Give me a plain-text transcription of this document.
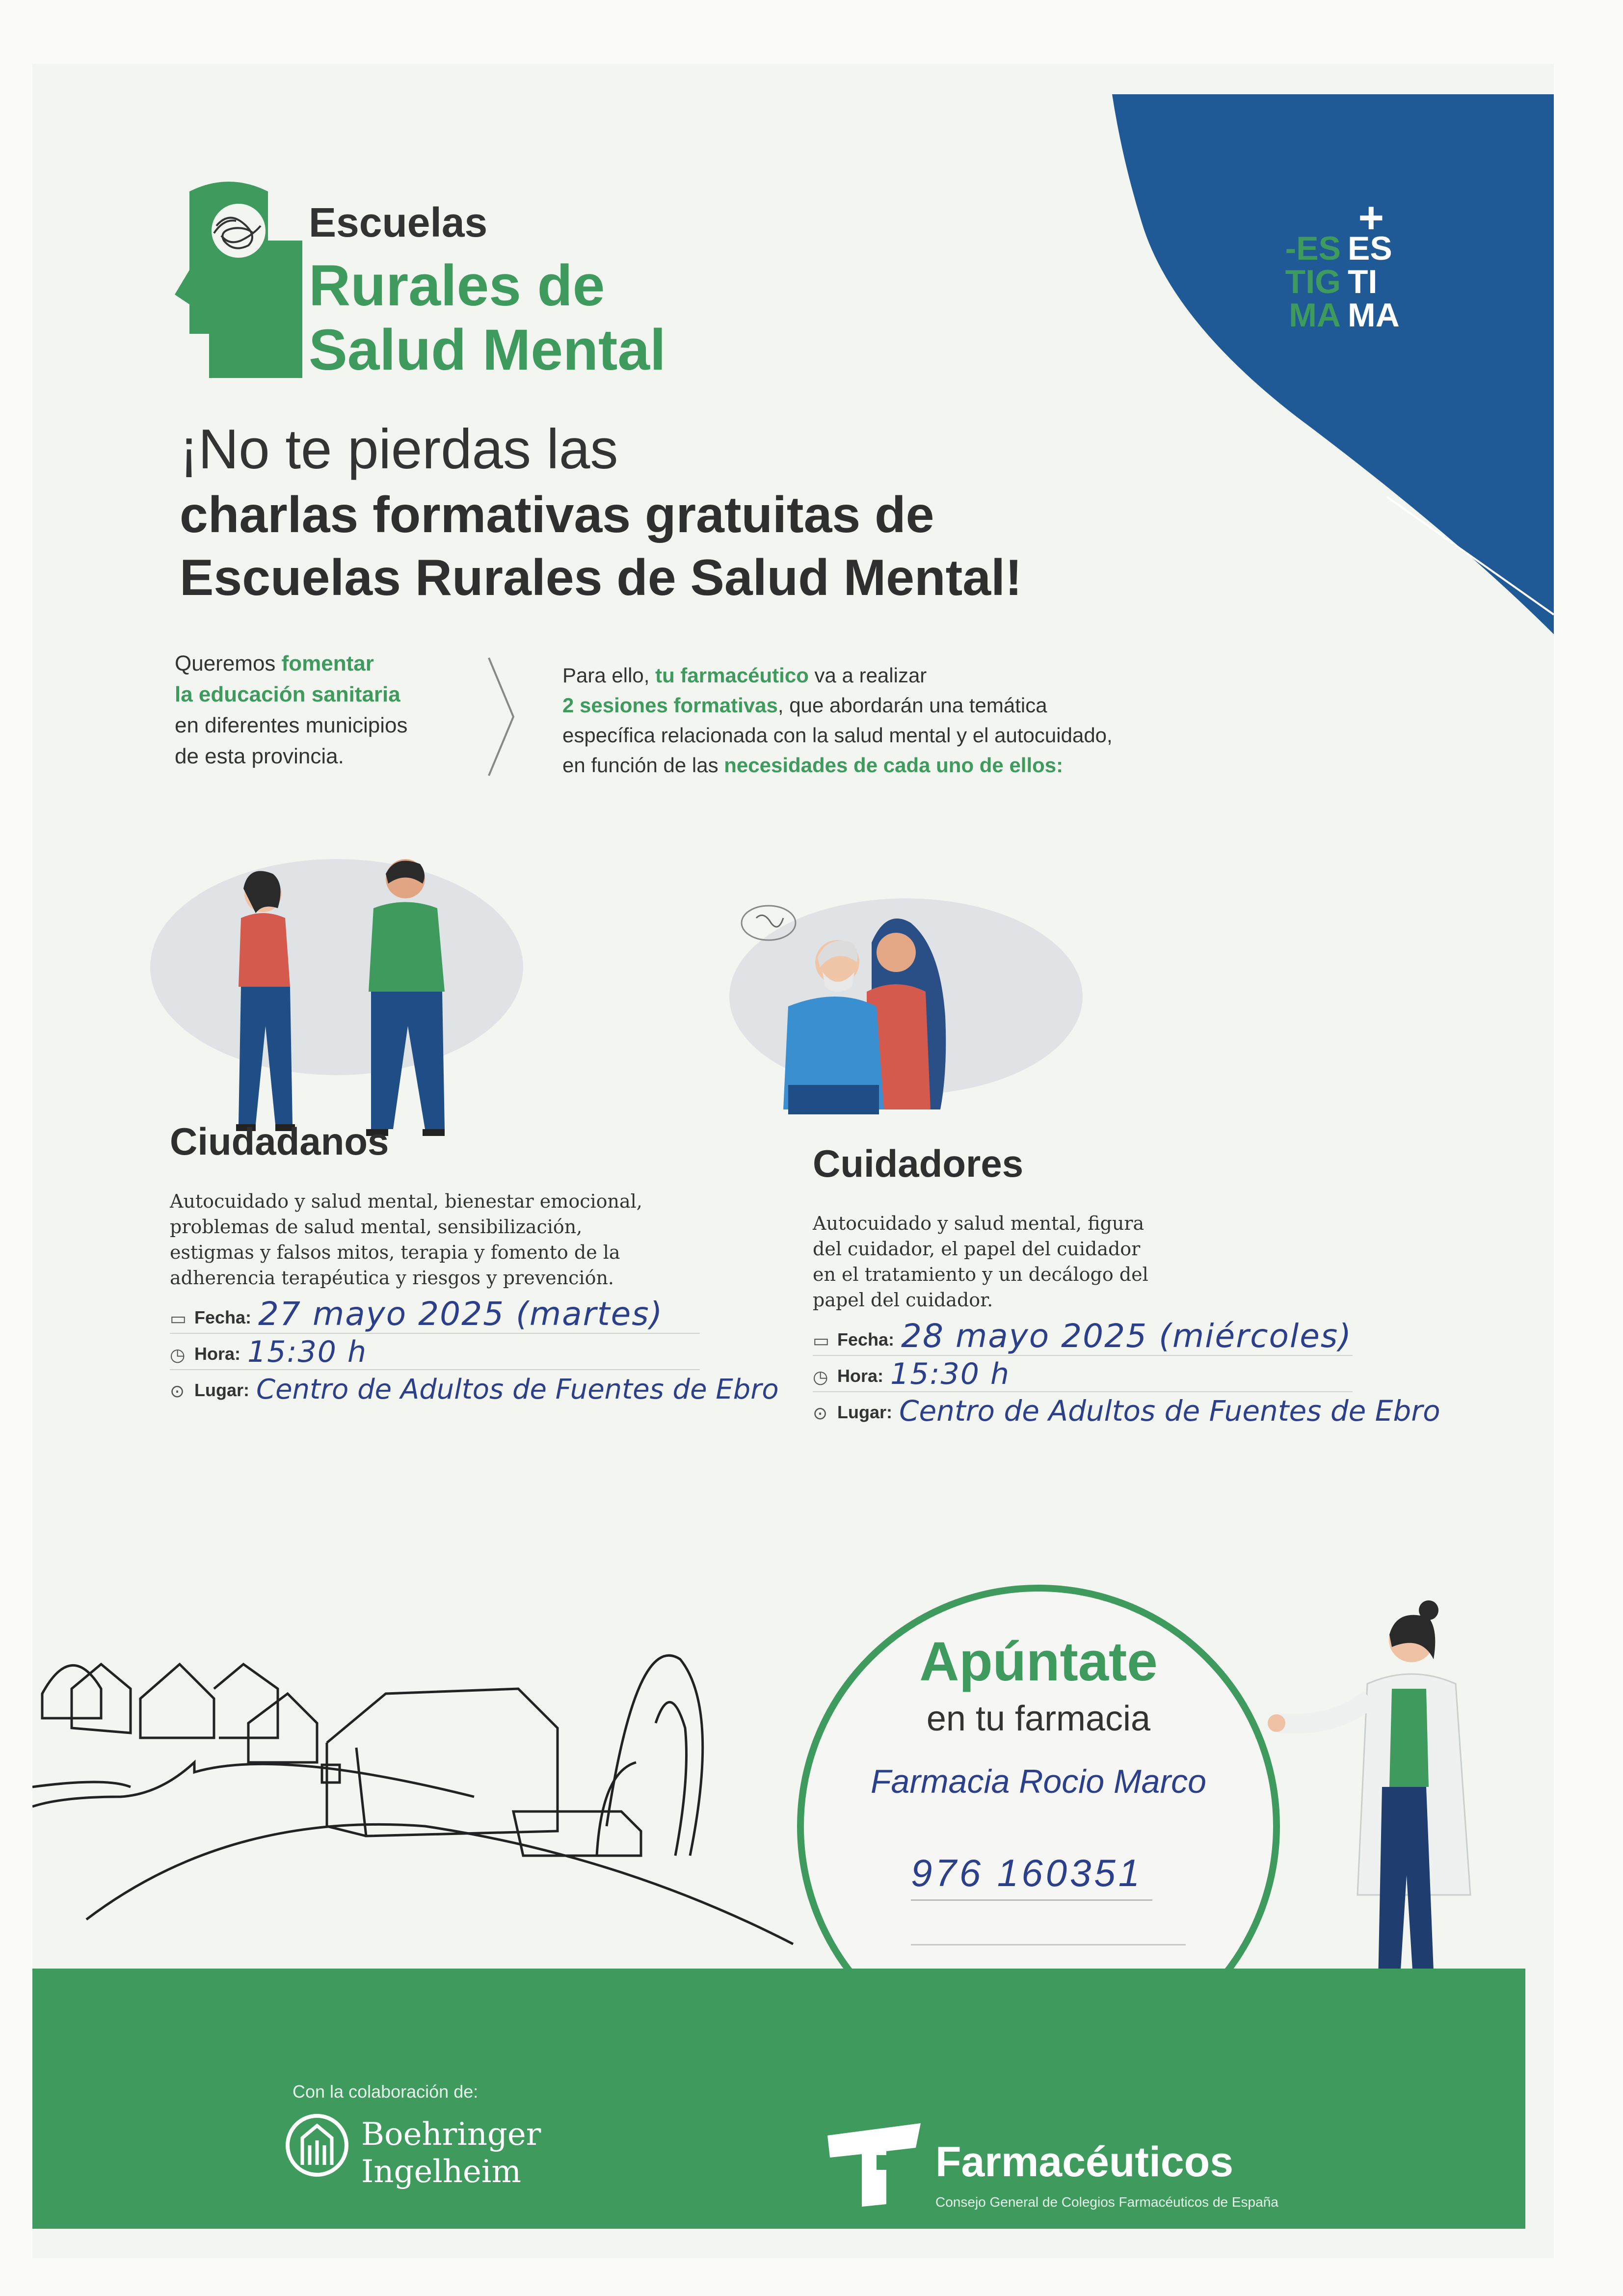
Escuelas
Rurales de
Salud Mental
+
-ES ES
TIG TI
MA MA
¡No te pierdas las
charlas formativas gratuitas de
Escuelas Rurales de Salud Mental!
Queremos fomentar
la educación sanitaria
en diferentes municipios
de esta provincia.
Para ello, tu farmacéutico va a realizar
2 sesiones formativas, que abordarán una temática
específica relacionada con la salud mental y el autocuidado,
en función de las necesidades de cada uno de ellos:
Ciudadanos
Autocuidado y salud mental, bienestar emocional, problemas de salud mental, sensibilización, estigmas y falsos mitos, terapia y fomento de la adherencia terapéutica y riesgos y prevención.
▭ Fecha: 27 mayo 2025 (martes)
◷ Hora: 15:30 h
⊙ Lugar: Centro de Adultos de Fuentes de Ebro
Cuidadores
Autocuidado y salud mental, figura del cuidador, el papel del cuidador en el tratamiento y un decálogo del papel del cuidador.
▭ Fecha: 28 mayo 2025 (miércoles)
◷ Hora: 15:30 h
⊙ Lugar: Centro de Adultos de Fuentes de Ebro
Apúntate
en tu farmacia
Farmacia Rocio Marco
976 160351
Con la colaboración de:
Boehringer
Ingelheim	Farmacéuticos
Consejo General de Colegios Farmacéuticos de España
